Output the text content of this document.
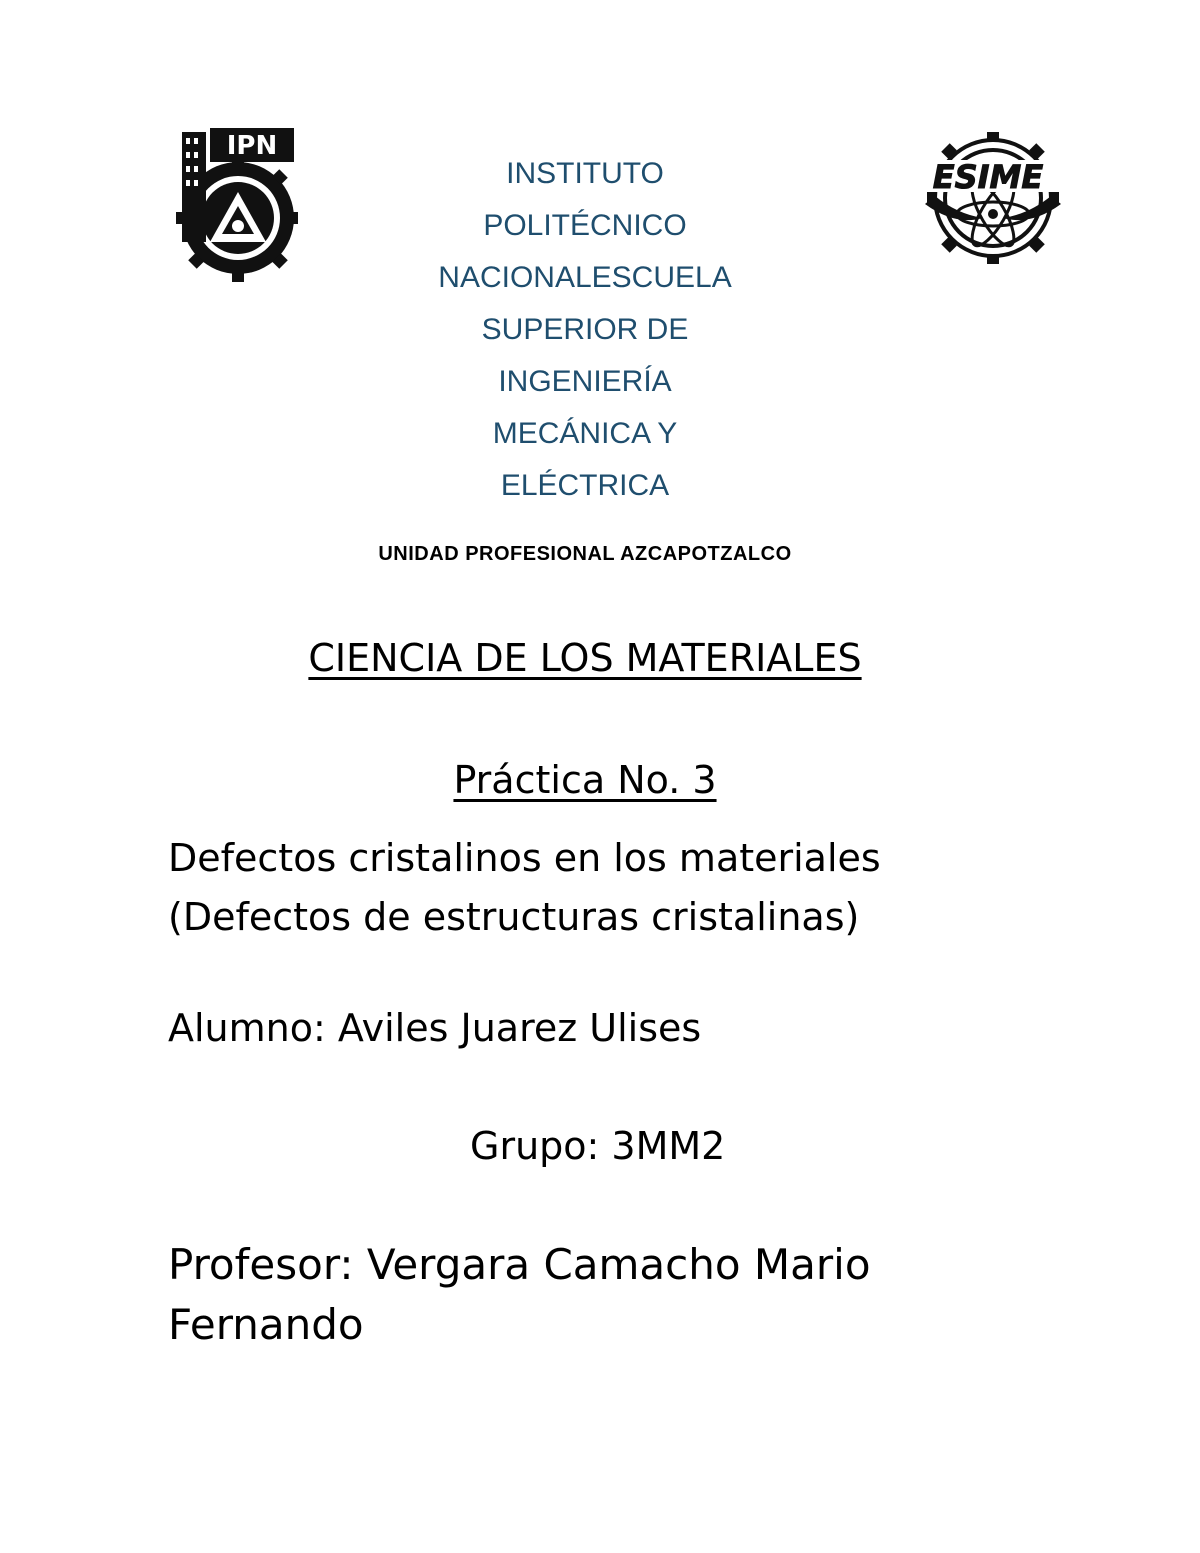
IPN
ESIME
INSTITUTO
POLITÉCNICO
NACIONALESCUELA
SUPERIOR DE
INGENIERÍA
MECÁNICA Y
ELÉCTRICA
UNIDAD PROFESIONAL AZCAPOTZALCO
CIENCIA DE LOS MATERIALES
Práctica No. 3
Defectos cristalinos en los materiales
(Defectos de estructuras cristalinas)
Alumno: Aviles Juarez Ulises
Grupo: 3MM2
Profesor: Vergara Camacho Mario
Fernando
